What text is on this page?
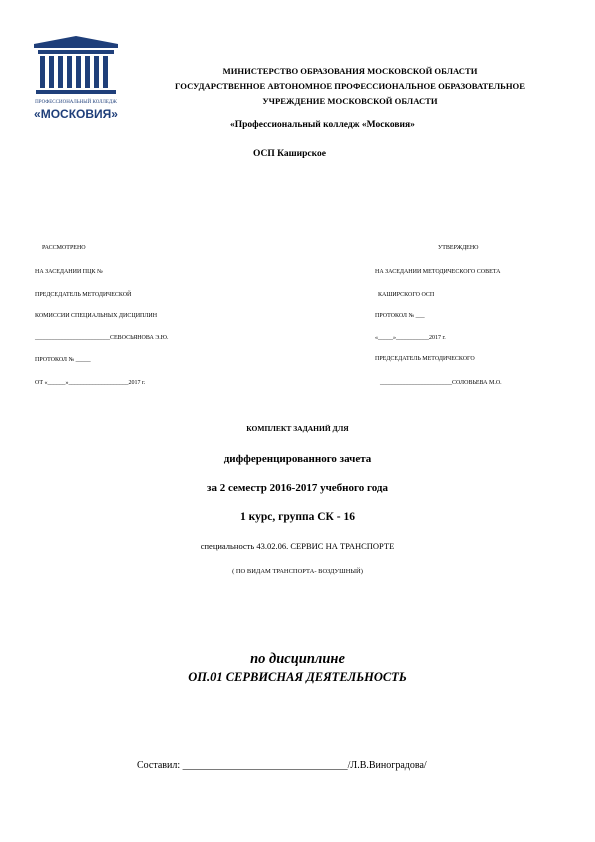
ПРОФЕССИОНАЛЬНЫЙ КОЛЛЕДЖ
«МОСКОВИЯ»
МИНИСТЕРСТВО ОБРАЗОВАНИЯ МОСКОВСКОЙ ОБЛАСТИ
ГОСУДАРСТВЕННОЕ АВТОНОМНОЕ ПРОФЕССИОНАЛЬНОЕ ОБРАЗОВАТЕЛЬНОЕ
УЧРЕЖДЕНИЕ МОСКОВСКОЙ ОБЛАСТИ
«Профессиональный колледж «Московия»
ОСП Каширское
РАССМОТРЕНО
НА ЗАСЕДАНИИ ПЦК №
ПРЕДСЕДАТЕЛЬ МЕТОДИЧЕСКОЙ
КОМИССИИ СПЕЦИАЛЬНЫХ ДИСЦИПЛИН
_________________________СЕВОСЬЯНОВА Э.Ю.
ПРОТОКОЛ № _____
ОТ «______»____________________2017 г.
УТВЕРЖДЕНО
НА ЗАСЕДАНИИ МЕТОДИЧЕСКОГО СОВЕТА
КАШИРСКОГО ОСП
ПРОТОКОЛ № ___
«_____»___________2017 г.
ПРЕДСЕДАТЕЛЬ МЕТОДИЧЕСКОГО
________________________СОЛОВЬЕВА М.О.
КОМПЛЕКТ ЗАДАНИЙ ДЛЯ
дифференцированного зачета
за 2 семестр 2016-2017 учебного года
1 курс, группа СК - 16
специальность 43.02.06. СЕРВИС НА ТРАНСПОРТЕ
( ПО ВИДАМ ТРАНСПОРТА- ВОЗДУШНЫЙ)
по дисциплине
ОП.01 СЕРВИСНАЯ ДЕЯТЕЛЬНОСТЬ
Составил: _________________________________/Л.В.Виноградова/
